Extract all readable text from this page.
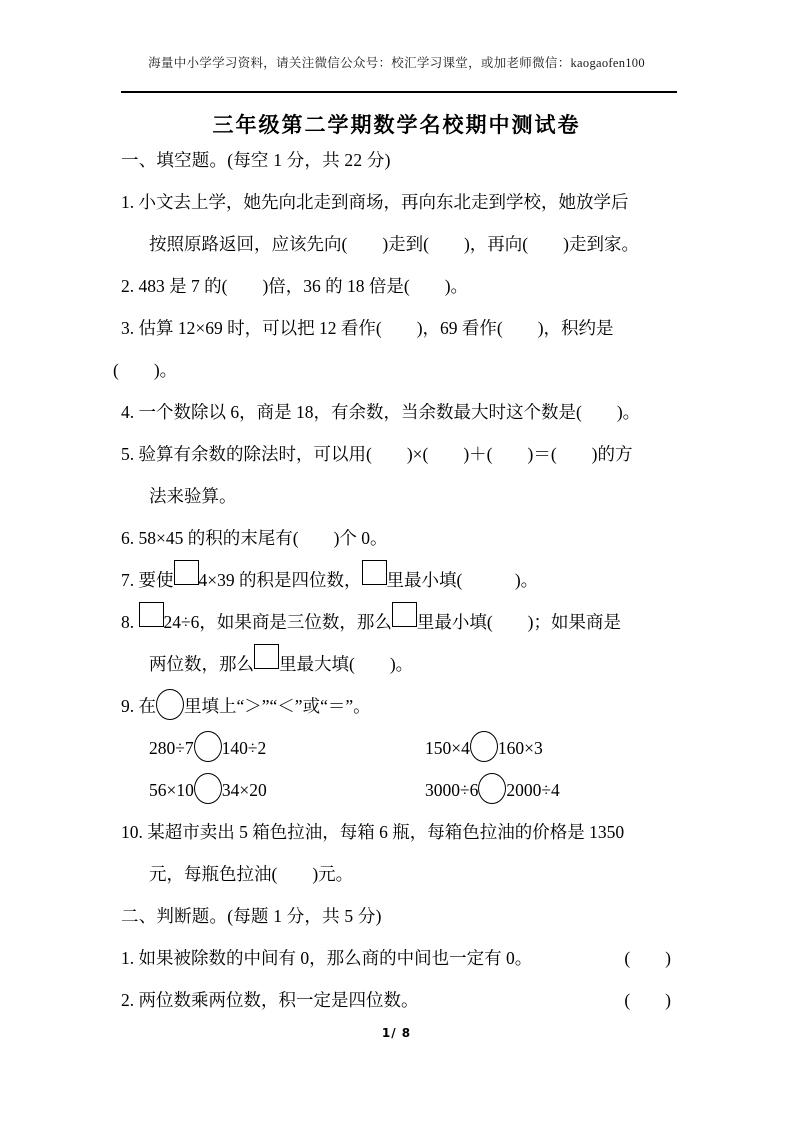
海量中小学学习资料，请关注微信公众号：校汇学习课堂，或加老师微信：kaogaofen100
三年级第二学期数学名校期中测试卷
一、填空题。(每空 1 分，共 22 分)
1. 小文去上学，她先向北走到商场，再向东北走到学校，她放学后
按照原路返回，应该先向(　　)走到(　　)，再向(　　)走到家。
2. 483 是 7 的(　　)倍，36 的 18 倍是(　　)。
3. 估算 12×69 时，可以把 12 看作(　　)，69 看作(　　)，积约是
(　　)。
4. 一个数除以 6，商是 18，有余数，当余数最大时这个数是(　　)。
5. 验算有余数的除法时，可以用(　　)×(　　)＋(　　)＝(　　)的方
法来验算。
6. 58×45 的积的末尾有(　　)个 0。
7. 要使 4×39 的积是四位数， 里最小填(　　　)。
8. 24÷6，如果商是三位数，那么 里最小填(　　)；如果商是
两位数，那么 里最大填(　　)。
9. 在 里填上“＞”“＜”或“＝”。
280÷7 140÷2	150×4 160×3
56×10 34×20	3000÷6 2000÷4
10. 某超市卖出 5 箱色拉油，每箱 6 瓶，每箱色拉油的价格是 1350
元，每瓶色拉油(　　)元。
二、判断题。(每题 1 分，共 5 分)
1. 如果被除数的中间有 0，那么商的中间也一定有 0。	(　　)
2. 两位数乘两位数，积一定是四位数。	(　　)
1/ 8
